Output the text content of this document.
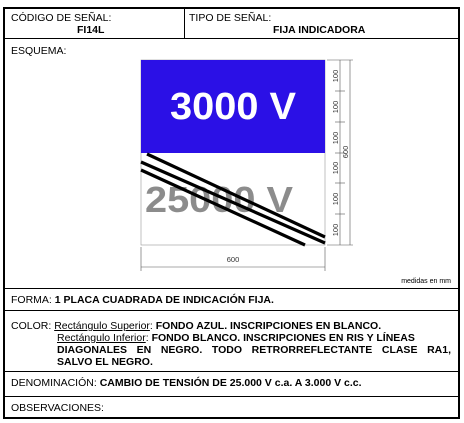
CÓDIGO DE SEÑAL:
FI14L
TIPO DE SEÑAL:
FIJA INDICADORA
ESQUEMA:
3000 V
25000 V
100
100
100
100
100
100
600
600
medidas en mm
FORMA: 1 PLACA CUADRADA DE INDICACIÓN FIJA.
COLOR: Rectángulo Superior: FONDO AZUL. INSCRIPCIONES EN BLANCO.
Rectángulo Inferior: FONDO BLANCO. INSCRIPCIONES EN RIS Y LÍNEAS
DIAGONALES EN NEGRO. TODO RETRORREFLECTANTE CLASE RA1,
SALVO EL NEGRO.
DENOMINACIÓN: CAMBIO DE TENSIÓN DE 25.000 V c.a. A 3.000 V c.c.
OBSERVACIONES:
